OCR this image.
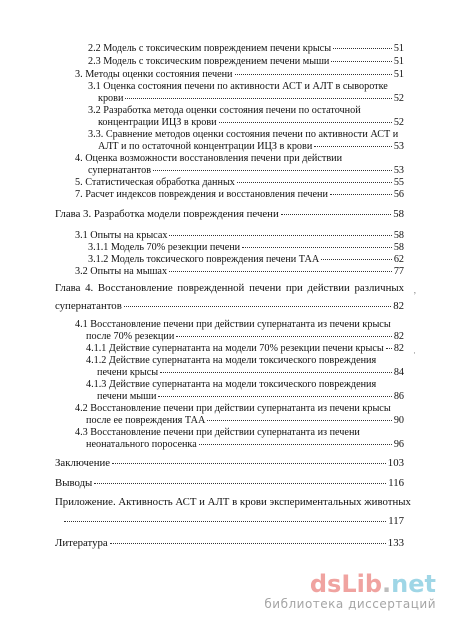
2.2 Модель с токсическим повреждением печени крысы	51
2.3 Модель с токсическим повреждением печени мыши	51
3. Методы оценки состояния печени	51
3.1 Оценка состояния печени по активности АСТ и АЛТ в сыворотке
крови	52
3.2 Разработка метода оценки состояния печени по остаточной
концентрации ИЦЗ в крови	52
3.3. Сравнение методов оценки состояния печени по активности АСТ и
АЛТ и по остаточной концентрации ИЦЗ в крови	53
4. Оценка возможности восстановления печени при действии
супернатантов	53
5. Статистическая обработка данных	55
7. Расчет индексов повреждения и восстановления печени	56
Глава 3. Разработка модели повреждения печени	58
3.1 Опыты на крысах	58
3.1.1 Модель 70% резекции печени	58
3.1.2 Модель токсического повреждения печени ТАА	62
3.2 Опыты на мышах	77
Глава 4. Восстановление поврежденной печени при действии различных
супернатантов	82
4.1 Восстановление печени при действии супернатанта из печени крысы
после 70% резекции	82
4.1.1 Действие супернатанта на модели 70% резекции печени крысы 82
4.1.2 Действие супернатанта на модели токсического повреждения
печени крысы	84
4.1.3 Действие супернатанта на модели токсического повреждения
печени мыши	86
4.2 Восстановление печени при действии супернатанта из печени крысы
после ее повреждения ТАА	90
4.3 Восстановление печени при действии супернатанта из печени
неонатального поросенка	96
Заключение	103
Выводы	116
Приложение. Активность АСТ и АЛТ в крови экспериментальных животных
117
Литература	133
,
·
dsLib.net
библиотека диссертаций
